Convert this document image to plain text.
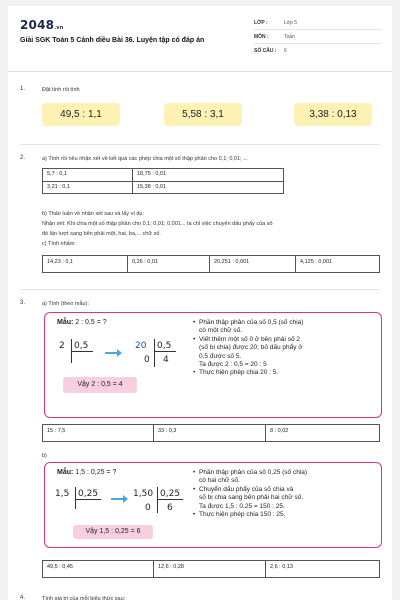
2048.vn
Giải SGK Toán 5 Cánh diều Bài 36. Luyện tập có đáp án
LỚP :	Lớp 5
MÔN :	Toán
SỐ CÂU : 6
1.	Đặt tính rồi tính
49,5 : 1,1	5,58 : 3,1	3,38 : 0,13
2.	a) Tính rồi nêu nhận xét về kết quả các phép chia một số thập phân cho 0,1; 0,01; ...
5,7 : 0,1	18,75 : 0,01
3,21 : 0,1	15,38 : 0,01
b) Thảo luận về nhận xét sau và lấy ví dụ:
Nhận xét: Khi chia một số thập phân cho 0,1; 0,01; 0,001... ta chỉ việc chuyển dấu phẩy của số
đó lần lượt sang bên phải một, hai, ba,... chữ số.
c) Tính nhẩm:
14,23 : 0,1	0,26 : 0,01	20,251 : 0,001	4,125 : 0,001
3.	a) Tính (theo mẫu):
Mẫu: 2 : 0,5 = ?
2 0,5	20 0,5
0 4
Vậy 2 : 0,5 = 4
• Phần thập phân của số 0,5 (số chia)
có một chữ số.
• Viết thêm một số 0 ở bên phải số 2
(số bị chia) được 20; bỏ dấu phẩy ở
0,5 được số 5.
Ta được 2 : 0,5 = 20 : 5
• Thực hiện phép chia 20 : 5.
15 : 7,5	33 : 0,3	8 : 0,02
b)
Mẫu: 1,5 : 0,25 = ?
1,5 0,25	1,50 0,25
0 6
Vậy 1,5 : 0,25 = 6
• Phần thập phân của số 0,25 (số chia)
có hai chữ số.
• Chuyển dấu phẩy của số chia và
số bị chia sang bên phải hai chữ số.
Ta được 1,5 : 0,25 = 150 : 25.
• Thực hiện phép chia 150 : 25.
49,5 : 0,45	12,6 : 0,28	2,6 : 0,13
4.	Tính giá trị của mỗi biểu thức sau:
